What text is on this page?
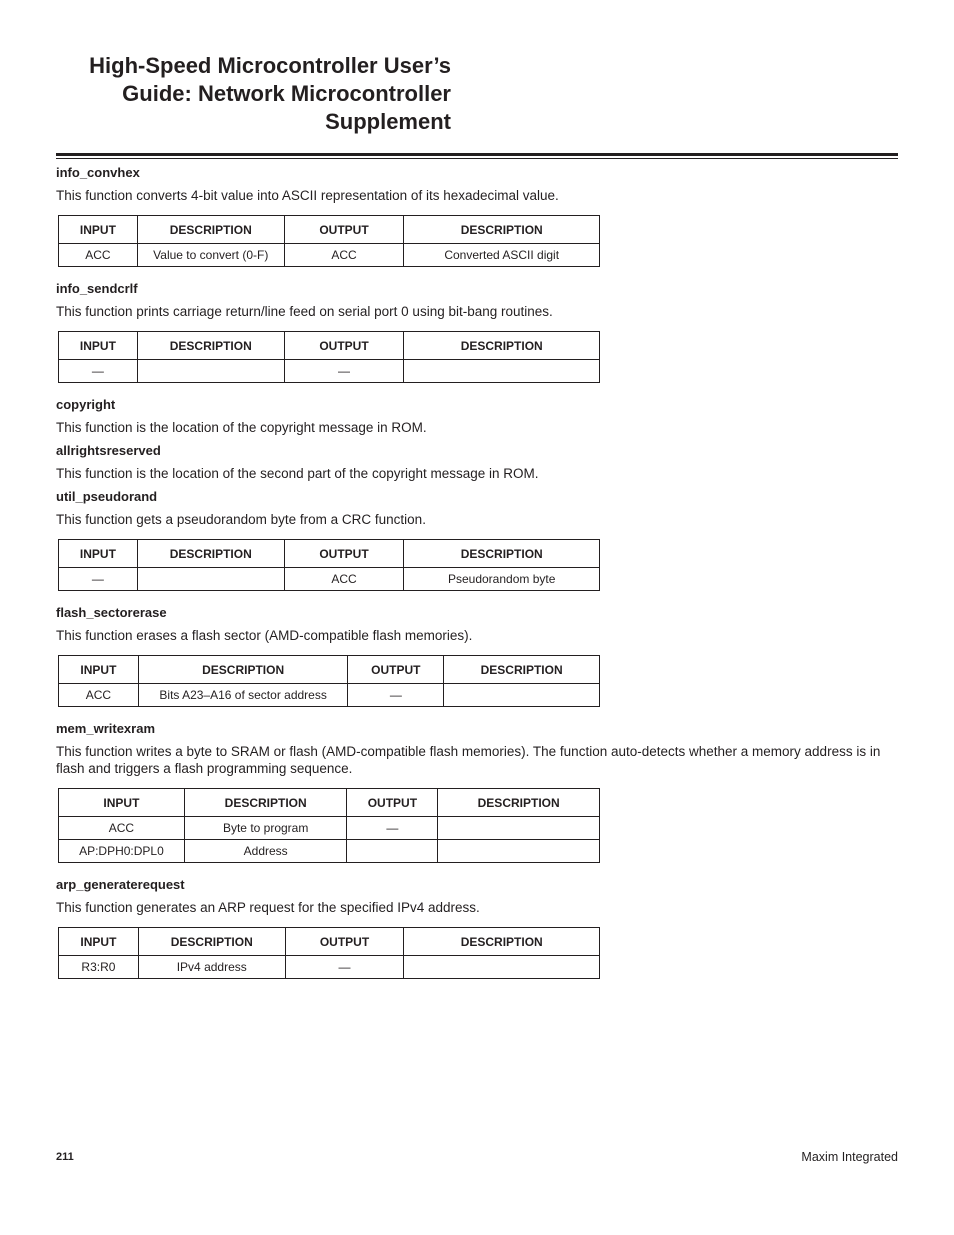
High-Speed Microcontroller User’s
Guide: Network Microcontroller
Supplement

info_convhex

This function converts 4-bit value into ASCII representation of its hexadecimal value.

INPUT	DESCRIPTION	OUTPUT	DESCRIPTION
ACC	Value to convert (0-F)	ACC	Converted ASCII digit

info_sendcrlf

This function prints carriage return/line feed on serial port 0 using bit-bang routines.

INPUT	DESCRIPTION	OUTPUT	DESCRIPTION
—		—	

copyright

This function is the location of the copyright message in ROM.

allrightsreserved

This function is the location of the second part of the copyright message in ROM.

util_pseudorand

This function gets a pseudorandom byte from a CRC function.

INPUT	DESCRIPTION	OUTPUT	DESCRIPTION
—		ACC	Pseudorandom byte

flash_sectorerase

This function erases a flash sector (AMD-compatible flash memories).

INPUT	DESCRIPTION	OUTPUT	DESCRIPTION
ACC	Bits A23–A16 of sector address	—	

mem_writexram

This function writes a byte to SRAM or flash (AMD-compatible flash memories). The function auto-detects whether a memory address is in flash and triggers a flash programming sequence.

INPUT	DESCRIPTION	OUTPUT	DESCRIPTION
ACC	Byte to program	—	
AP:DPH0:DPL0	Address		

arp_generaterequest

This function generates an ARP request for the specified IPv4 address.

INPUT	DESCRIPTION	OUTPUT	DESCRIPTION
R3:R0	IPv4 address	—	
211	Maxim Integrated
